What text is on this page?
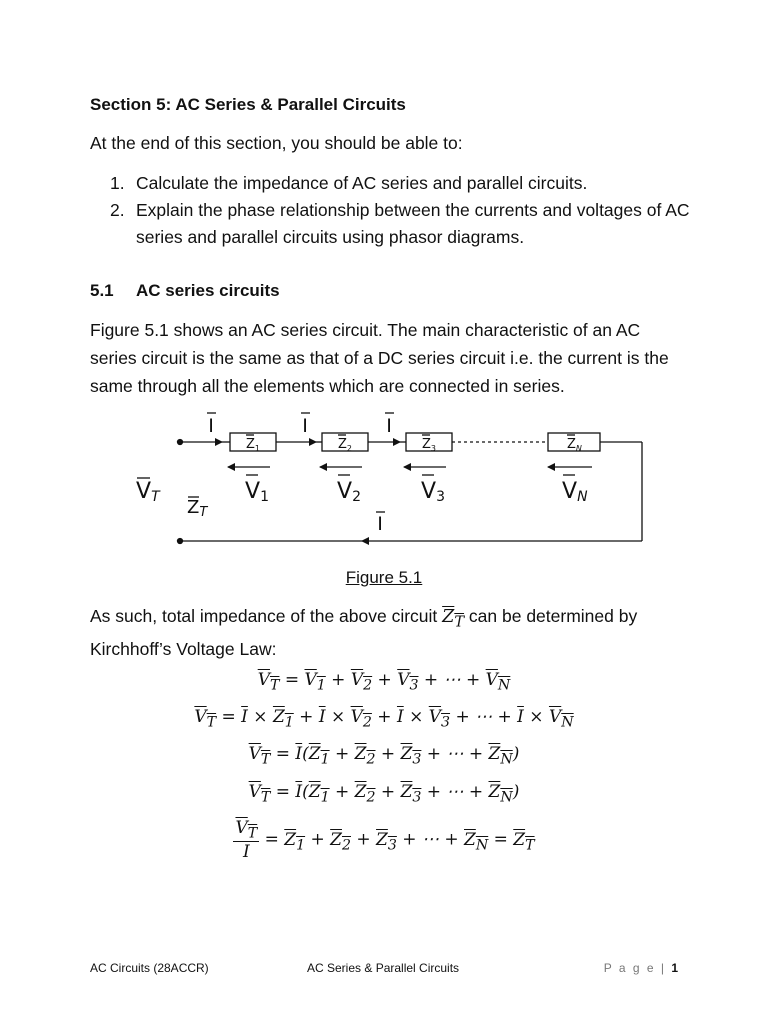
Section 5: AC Series & Parallel Circuits
At the end of this section, you should be able to:
1. Calculate the impedance of AC series and parallel circuits.
2. Explain the phase relationship between the currents and voltages of AC series and parallel circuits using phasor diagrams.
5.1 AC series circuits

Figure 5.1 shows an AC series circuit. The main characteristic of an AC series circuit is the same as that of a DC series circuit i.e. the current is the same through all the elements which are connected in series.

I	I	I
I
$Z_1$	$Z_2$	$Z_3$	$Z_N$
V1	V2	V3	VN
VT ZT
Figure 5.1

As such, total impedance of the above circuit $\overline{Z}_{\overline{T}}$ can be determined by Kirchhoff’s Voltage Law:

$V_T = V_1 + V_2 + V_3$ + ⋯ + $V_N$
$V_T = \overline{I} \times Z_1 + \overline{I} \times V_2 + \overline{I} \times V_3$ + ⋯ + $\overline{I} \times V_N$
$V_T = \overline{I}(Z_1 + Z_2 + Z_3$ + ⋯ + $Z_N$)
$V_T = \overline{I}(Z_1 + Z_2 + Z_3$ + ⋯ + $Z_N$)
$\frac{V_T}{I} = Z_1 + Z_2 + Z_3$ + ⋯ + $Z_N = Z_T$
AC Circuits (28ACCR)	AC Series & Parallel Circuits	P a g e | 1
